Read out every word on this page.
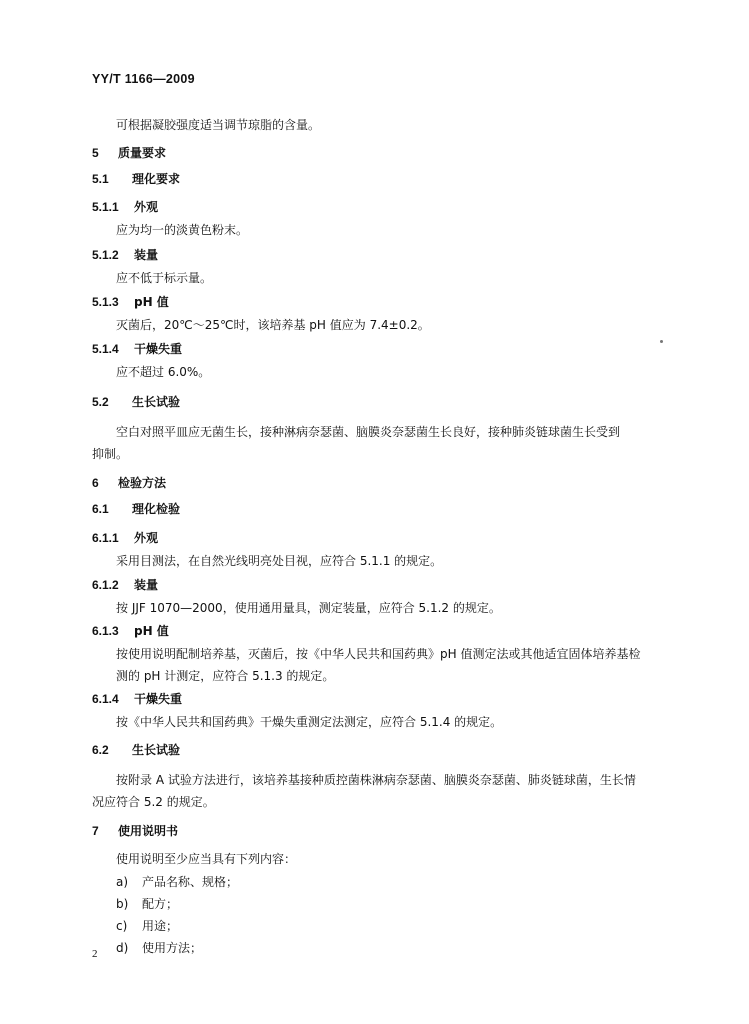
YY/T 1166—2009
可根据凝胶强度适当调节琼脂的含量。
5 质量要求
5.1 理化要求
5.1.1 外观
应为均一的淡黄色粉末。
5.1.2 装量
应不低于标示量。
5.1.3 pH 值
灭菌后，20℃～25℃时，该培养基 pH 值应为 7.4±0.2。
5.1.4 干燥失重
应不超过 6.0%。
5.2 生长试验
空白对照平皿应无菌生长，接种淋病奈瑟菌、脑膜炎奈瑟菌生长良好，接种肺炎链球菌生长受到
抑制。
6 检验方法
6.1 理化检验
6.1.1 外观
采用目测法，在自然光线明亮处目视，应符合 5.1.1 的规定。
6.1.2 装量
按 JJF 1070—2000，使用通用量具，测定装量，应符合 5.1.2 的规定。
6.1.3 pH 值
按使用说明配制培养基，灭菌后，按《中华人民共和国药典》pH 值测定法或其他适宜固体培养基检
测的 pH 计测定，应符合 5.1.3 的规定。
6.1.4 干燥失重
按《中华人民共和国药典》干燥失重测定法测定，应符合 5.1.4 的规定。
6.2 生长试验
按附录 A 试验方法进行，该培养基接种质控菌株淋病奈瑟菌、脑膜炎奈瑟菌、肺炎链球菌，生长情
况应符合 5.2 的规定。
7 使用说明书
使用说明至少应当具有下列内容：
a) 产品名称、规格；
b) 配方；
c) 用途；
d) 使用方法；
2
